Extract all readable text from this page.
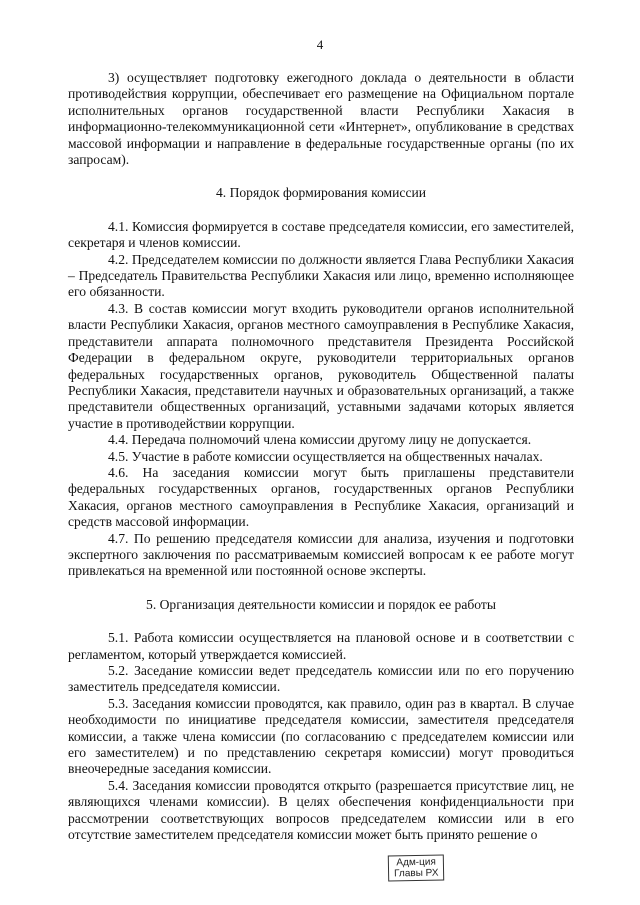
4

3) осуществляет подготовку ежегодного доклада о деятельности в области противодействия коррупции, обеспечивает его размещение на Официальном портале исполнительных органов государственной власти Республики Хакасия в информационно-телекоммуникационной сети «Интернет», опубликование в средствах массовой информации и направление в федеральные государственные органы (по их запросам).

4. Порядок формирования комиссии

4.1. Комиссия формируется в составе председателя комиссии, его заместителей, секретаря и членов комиссии.

4.2. Председателем комиссии по должности является Глава Республики Хакасия – Председатель Правительства Республики Хакасия или лицо, временно исполняющее его обязанности.

4.3. В состав комиссии могут входить руководители органов исполнительной власти Республики Хакасия, органов местного самоуправления в Республике Хакасия, представители аппарата полномочного представителя Президента Российской Федерации в федеральном округе, руководители территориальных органов федеральных государственных органов, руководитель Общественной палаты Республики Хакасия, представители научных и образовательных организаций, а также представители общественных организаций, уставными задачами которых является участие в противодействии коррупции.

4.4. Передача полномочий члена комиссии другому лицу не допускается.

4.5. Участие в работе комиссии осуществляется на общественных началах.

4.6. На заседания комиссии могут быть приглашены представители федеральных государственных органов, государственных органов Республики Хакасия, органов местного самоуправления в Республике Хакасия, организаций и средств массовой информации.

4.7. По решению председателя комиссии для анализа, изучения и подготовки экспертного заключения по рассматриваемым комиссией вопросам к ее работе могут привлекаться на временной или постоянной основе эксперты.

5. Организация деятельности комиссии и порядок ее работы

5.1. Работа комиссии осуществляется на плановой основе и в соответствии с регламентом, который утверждается комиссией.

5.2. Заседание комиссии ведет председатель комиссии или по его поручению заместитель председателя комиссии.

5.3. Заседания комиссии проводятся, как правило, один раз в квартал. В случае необходимости по инициативе председателя комиссии, заместителя председателя комиссии, а также члена комиссии (по согласованию с председателем комиссии или его заместителем) и по представлению секретаря комиссии) могут проводиться внеочередные заседания комиссии.

5.4. Заседания комиссии проводятся открыто (разрешается присутствие лиц, не являющихся членами комиссии). В целях обеспечения конфиденциальности при рассмотрении соответствующих вопросов председателем комиссии или в его отсутствие заместителем председателя комиссии может быть принято решение о

Адм-ция
Главы РХ
